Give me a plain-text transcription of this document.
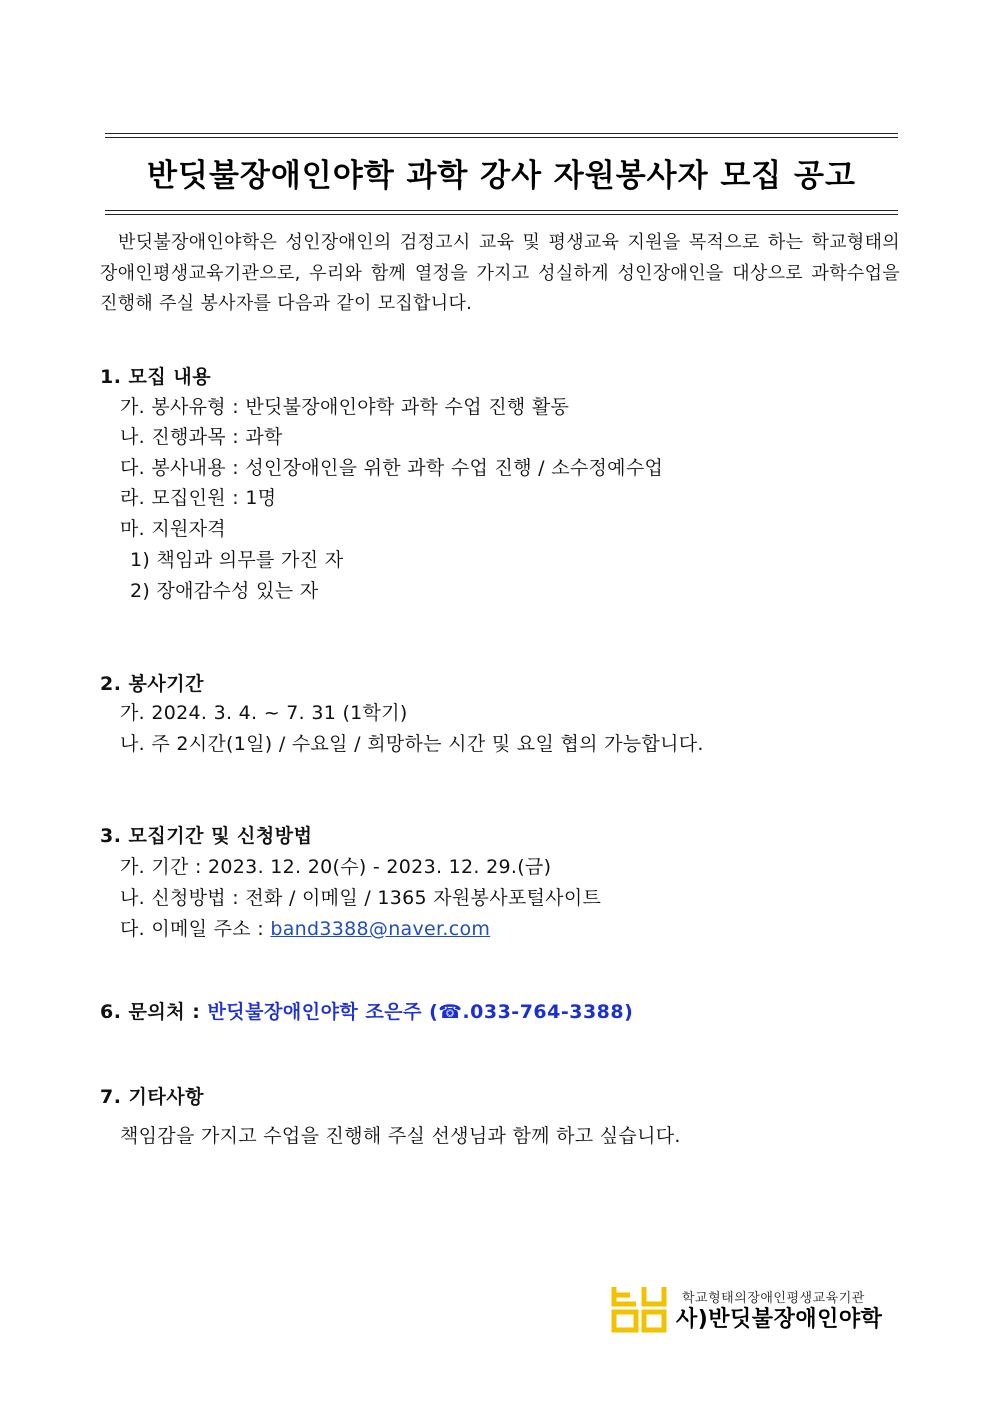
반딧불장애인야학 과학 강사 자원봉사자 모집 공고
반딧불장애인야학은 성인장애인의 검정고시 교육 및 평생교육 지원을 목적으로 하는 학교형태의 장애인평생교육기관으로, 우리와 함께 열정을 가지고 성실하게 성인장애인을 대상으로 과학수업을 진행해 주실 봉사자를 다음과 같이 모집합니다.
1. 모집 내용
가. 봉사유형 : 반딧불장애인야학 과학 수업 진행 활동
나. 진행과목 : 과학
다. 봉사내용 : 성인장애인을 위한 과학 수업 진행 / 소수정예수업
라. 모집인원 : 1명
마. 지원자격
1) 책임과 의무를 가진 자
2) 장애감수성 있는 자
2. 봉사기간
가. 2024. 3. 4. ~ 7. 31 (1학기)
나. 주 2시간(1일) / 수요일 / 희망하는 시간 및 요일 협의 가능합니다.
3. 모집기간 및 신청방법
가. 기간 : 2023. 12. 20(수) - 2023. 12. 29.(금)
나. 신청방법 : 전화 / 이메일 / 1365 자원봉사포털사이트
다. 이메일 주소 : band3388@naver.com
6. 문의처 : 반딧불장애인야학 조은주 (☎.033-764-3388)
7. 기타사항
책임감을 가지고 수업을 진행해 주실 선생님과 함께 하고 싶습니다.
학교형태의장애인평생교육기관
사)반딧불장애인야학
